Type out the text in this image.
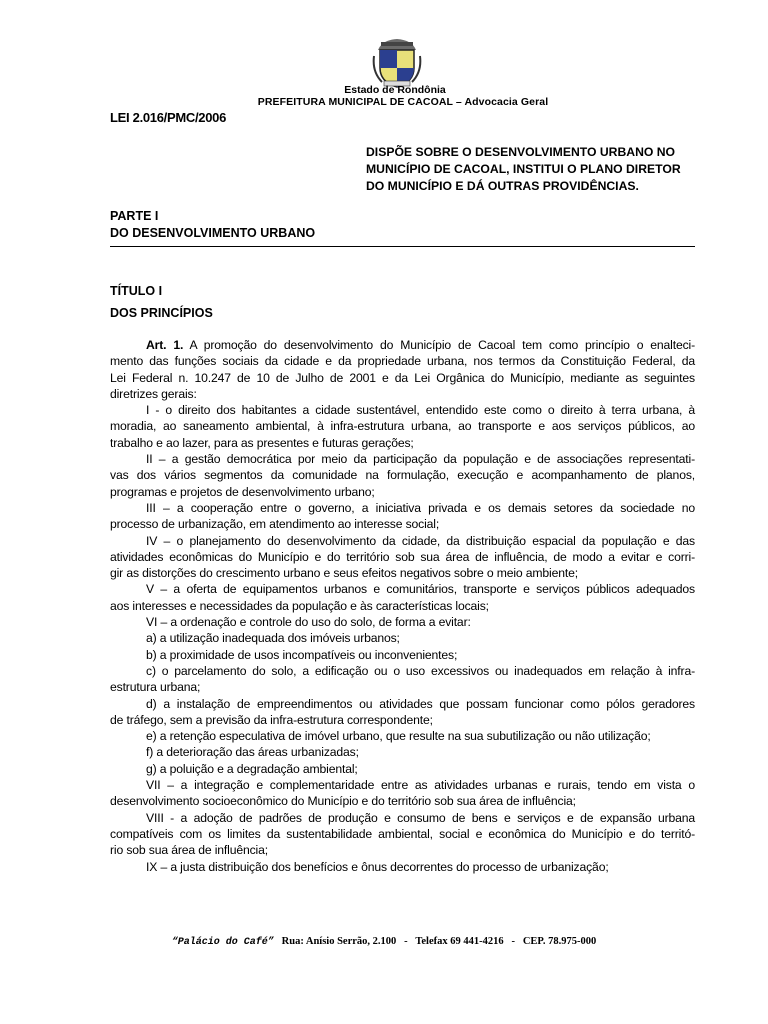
Estado de Rondônia
PREFEITURA MUNICIPAL DE CACOAL – Advocacia Geral
LEI 2.016/PMC/2006
DISPÕE SOBRE O DESENVOLVIMENTO URBANO NO
MUNICÍPIO DE CACOAL, INSTITUI O PLANO DIRETOR
DO MUNICÍPIO E DÁ OUTRAS PROVIDÊNCIAS.
PARTE I
DO DESENVOLVIMENTO URBANO
TÍTULO I
DOS PRINCÍPIOS
Art. 1. A promoção do desenvolvimento do Município de Cacoal tem como princípio o enalteci-
mento das funções sociais da cidade e da propriedade urbana, nos termos da Constituição Federal, da
Lei Federal n. 10.247 de 10 de Julho de 2001 e da Lei Orgânica do Município, mediante as seguintes
diretrizes gerais:
I - o direito dos habitantes a cidade sustentável, entendido este como o direito à terra urbana, à
moradia, ao saneamento ambiental, à infra-estrutura urbana, ao transporte e aos serviços públicos, ao
trabalho e ao lazer, para as presentes e futuras gerações;
II – a gestão democrática por meio da participação da população e de associações representati-
vas dos vários segmentos da comunidade na formulação, execução e acompanhamento de planos,
programas e projetos de desenvolvimento urbano;
III – a cooperação entre o governo, a iniciativa privada e os demais setores da sociedade no
processo de urbanização, em atendimento ao interesse social;
IV – o planejamento do desenvolvimento da cidade, da distribuição espacial da população e das
atividades econômicas do Município e do território sob sua área de influência, de modo a evitar e corri-
gir as distorções do crescimento urbano e seus efeitos negativos sobre o meio ambiente;
V – a oferta de equipamentos urbanos e comunitários, transporte e serviços públicos adequados
aos interesses e necessidades da população e às características locais;
VI – a ordenação e controle do uso do solo, de forma a evitar:
a) a utilização inadequada dos imóveis urbanos;
b) a proximidade de usos incompatíveis ou inconvenientes;
c) o parcelamento do solo, a edificação ou o uso excessivos ou inadequados em relação à infra-
estrutura urbana;
d) a instalação de empreendimentos ou atividades que possam funcionar como pólos geradores
de tráfego, sem a previsão da infra-estrutura correspondente;
e) a retenção especulativa de imóvel urbano, que resulte na sua subutilização ou não utilização;
f) a deterioração das áreas urbanizadas;
g) a poluição e a degradação ambiental;
VII – a integração e complementaridade entre as atividades urbanas e rurais, tendo em vista o
desenvolvimento socioeconômico do Município e do território sob sua área de influência;
VIII - a adoção de padrões de produção e consumo de bens e serviços e de expansão urbana
compatíveis com os limites da sustentabilidade ambiental, social e econômica do Município e do territó-
rio sob sua área de influência;
IX – a justa distribuição dos benefícios e ônus decorrentes do processo de urbanização;
“Palácio do Café” Rua: Anísio Serrão, 2.100   -   Telefax 69 441-4216   -   CEP. 78.975-000
